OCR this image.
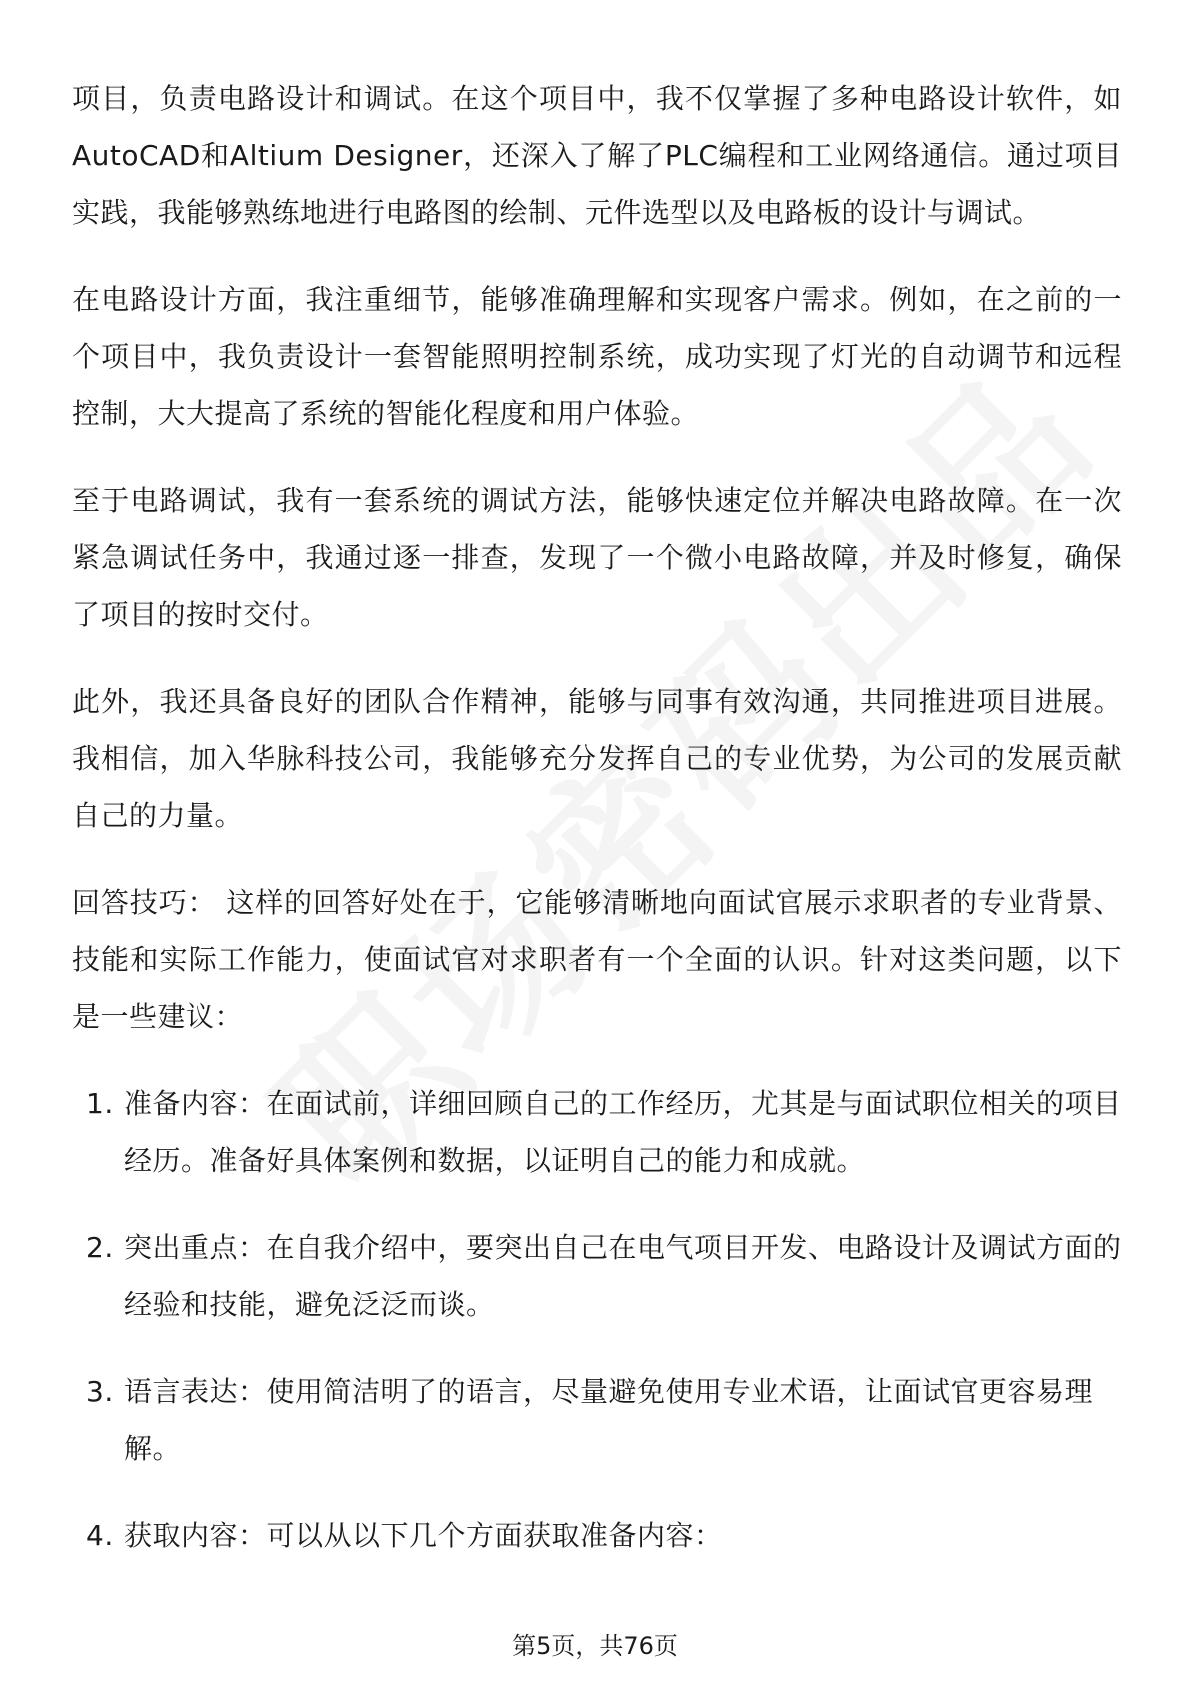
项目，负责电路设计和调试。在这个项目中，我不仅掌握了多种电路设计软件，如AutoCAD和Altium Designer，还深入了解了PLC编程和工业网络通信。通过项目实践，我能够熟练地进行电路图的绘制、元件选型以及电路板的设计与调试。

在电路设计方面，我注重细节，能够准确理解和实现客户需求。例如，在之前的一个项目中，我负责设计一套智能照明控制系统，成功实现了灯光的自动调节和远程控制，大大提高了系统的智能化程度和用户体验。

至于电路调试，我有一套系统的调试方法，能够快速定位并解决电路故障。在一次紧急调试任务中，我通过逐一排查，发现了一个微小电路故障，并及时修复，确保了项目的按时交付。

此外，我还具备良好的团队合作精神，能够与同事有效沟通，共同推进项目进展。我相信，加入华脉科技公司，我能够充分发挥自己的专业优势，为公司的发展贡献自己的力量。

回答技巧： 这样的回答好处在于，它能够清晰地向面试官展示求职者的专业背景、技能和实际工作能力，使面试官对求职者有一个全面的认识。针对这类问题，以下是一些建议：

1. 准备内容：在面试前，详细回顾自己的工作经历，尤其是与面试职位相关的项目经历。准备好具体案例和数据，以证明自己的能力和成就。
2. 突出重点：在自我介绍中，要突出自己在电气项目开发、电路设计及调试方面的经验和技能，避免泛泛而谈。
3. 语言表达：使用简洁明了的语言，尽量避免使用专业术语，让面试官更容易理解。
4. 获取内容：可以从以下几个方面获取准备内容：
第5页，共76页
